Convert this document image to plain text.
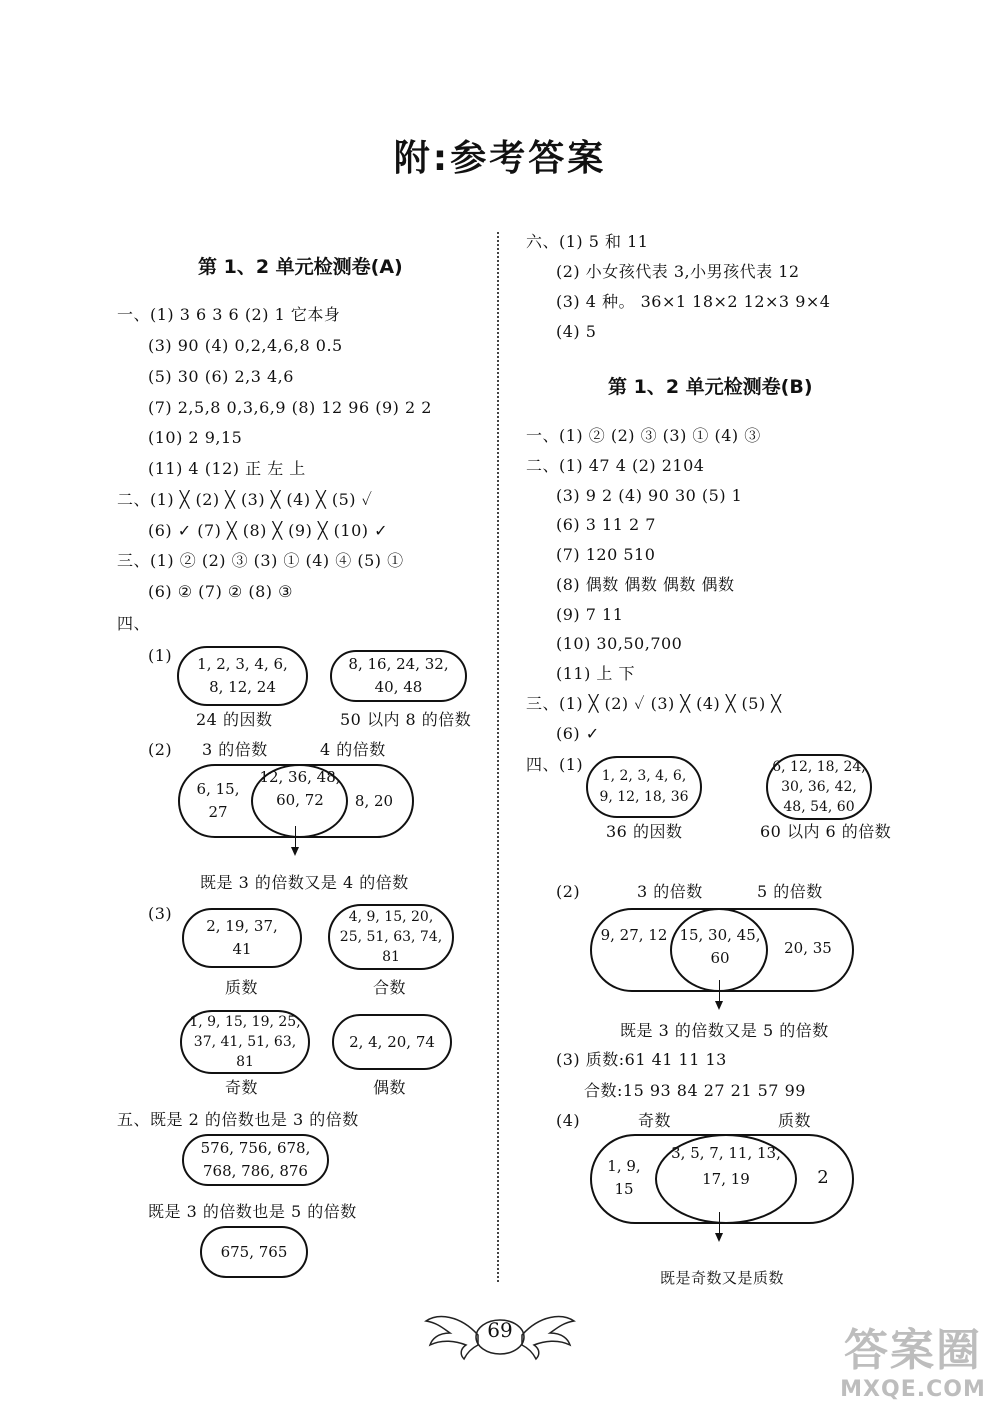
附:参考答案
第 1、2 单元检测卷(A)
一、(1) 3 6 3 6 (2) 1 它本身
(3) 90 (4) 0,2,4,6,8 0.5
(5) 30 (6) 2,3 4,6
(7) 2,5,8 0,3,6,9 (8) 12 96 (9) 2 2
(10) 2 9,15
(11) 4 (12) 正 左 上
二、(1) ╳ (2) ╳ (3) ╳ (4) ╳ (5) ✓
(6) ✓ (7) ╳ (8) ╳ (9) ╳ (10) ✓
三、(1) ② (2) ③ (3) ① (4) ④ (5) ①
(6) ② (7) ② (8) ③
四、
(1)	1, 2, 3, 4, 6, 8, 12, 24
24 的因数
8, 16, 24, 32, 40, 48
50 以内 8 的倍数
(2) 3 的倍数	4 的倍数
6, 15, 27
12, 36, 48, 60, 72	8, 20
既是 3 的倍数又是 4 的倍数
(3)
2, 19, 37, 41
质数
4, 9, 15, 20, 25, 51, 63, 74, 81
合数
1, 9, 15, 19, 25, 37, 41, 51, 63, 81
奇数
2, 4, 20, 74
偶数
五、既是 2 的倍数也是 3 的倍数
576, 756, 678, 768, 786, 876
既是 3 的倍数也是 5 的倍数
675, 765
六、(1) 5 和 11
(2) 小女孩代表 3,小男孩代表 12
(3) 4 种。 36×1 18×2 12×3 9×4
(4) 5
第 1、2 单元检测卷(B)
一、(1) ② (2) ③ (3) ① (4) ③
二、(1) 47 4 (2) 2104
(3) 9 2 (4) 90 30 (5) 1
(6) 3 11 2 7
(7) 120 510
(8) 偶数 偶数 偶数 偶数
(9) 7 11
(10) 30,50,700
(11) 上 下
三、(1) ╳ (2) ✓ (3) ╳ (4) ╳ (5) ╳
(6) ✓
四、(1)
1, 2, 3, 4, 6, 9, 12, 18, 36
36 的因数
6, 12, 18, 24, 30, 36, 42, 48, 54, 60
60 以内 6 的倍数
(2)	3 的倍数	5 的倍数
9, 27, 12 15, 30, 45, 60
20, 35
既是 3 的倍数又是 5 的倍数
(3) 质数:61 41 11 13
合数:15 93 84 27 21 57 99
(4)	奇数	质数
1, 9, 15
3, 5, 7, 11, 13, 17, 19	2
既是奇数又是质数
69	答案圈
MXQE.COM
